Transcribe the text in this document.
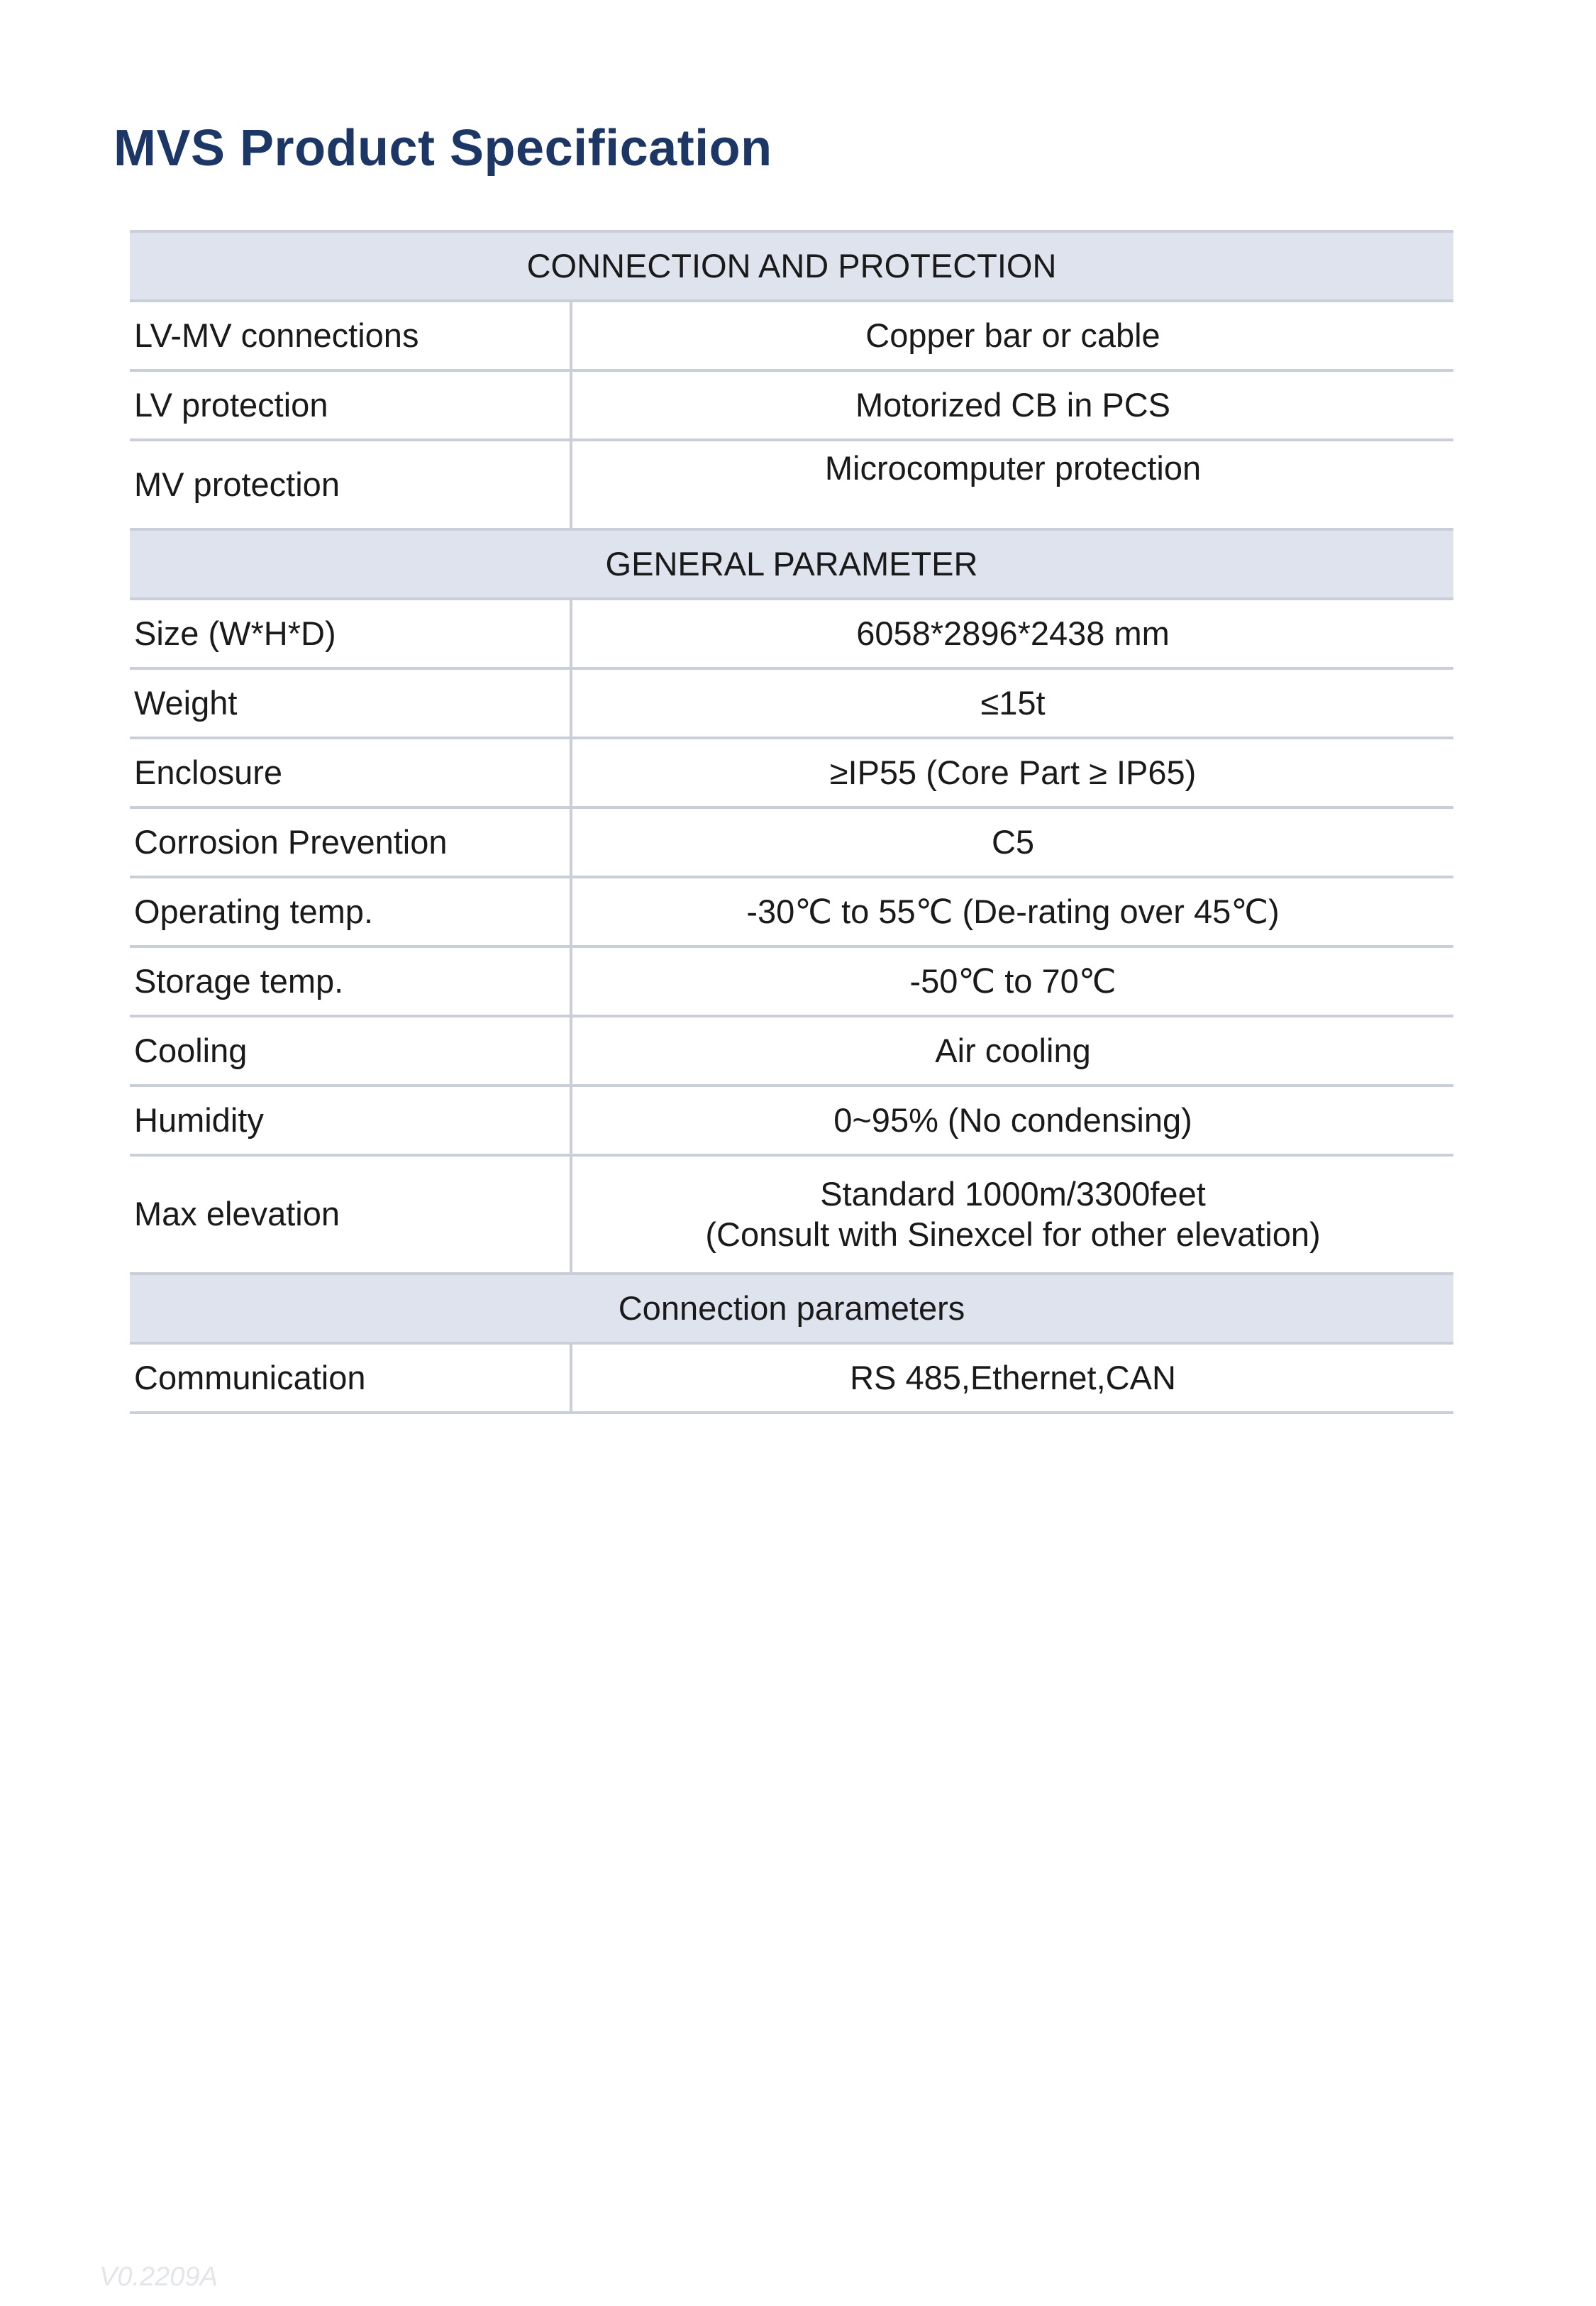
MVS Product Specification
CONNECTION AND PROTECTION	
LV-MV connections	Copper bar or cable
LV protection	Motorized CB in PCS
MV protection	Microcomputer protection
GENERAL PARAMETER	
Size (W*H*D)	6058*2896*2438 mm
Weight	≤15t
Enclosure	≥IP55 (Core Part ≥ IP65)
Corrosion Prevention	C5
Operating temp.	-30℃ to 55℃ (De-rating over 45℃)
Storage temp.	-50℃ to 70℃
Cooling	Air cooling
Humidity	0~95% (No condensing)
Max elevation	Standard 1000m/3300feet
(Consult with Sinexcel for other elevation)

Connection parameters	
Communication	RS 485,Ethernet,CAN
V0.2209A
